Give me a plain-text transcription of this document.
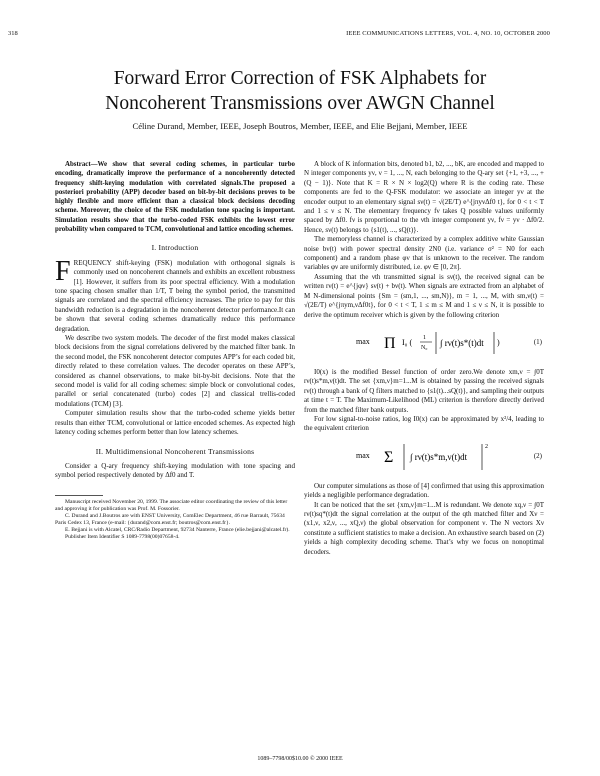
318	IEEE COMMUNICATIONS LETTERS, VOL. 4, NO. 10, OCTOBER 2000
Forward Error Correction of FSK Alphabets for
Noncoherent Transmissions over AWGN Channel
Céline Durand, Member, IEEE, Joseph Boutros, Member, IEEE, and Elie Bejjani, Member, IEEE

Abstract—We show that several coding schemes, in particular turbo encoding, dramatically improve the performance of a noncoherently detected frequency shift-keying modulation with correlated signals.The proposed a posteriori probability (APP) decoder based on bit-by-bit decisions proves to be highly flexible and more efficient than a classical block decisions decoding scheme. Moreover, the choice of the FSK modulation tone spacing is important. Simulation results show that the turbo-coded FSK exhibits the lowest error probability when compared to TCM, convolutional and lattice encoding schemes.

I. Introduction

FREQUENCY shift-keying (FSK) modulation with orthogonal signals is commonly used on noncoherent channels and exhibits an excellent robustness [1]. However, it suffers from its poor spectral efficiency. With a modulation tone spacing chosen smaller than 1/T, T being the symbol period, the transmitted signals are correlated and the spectral efficiency increases. The price to pay for this bandwidth reduction is a degradation in the noncoherent detector performance.It can be shown that several coding schemes dramatically reduce this performance degradation.

We describe two system models. The decoder of the first model makes classical block decisions from the signal correlations delivered by the matched filter bank. In the second model, the FSK noncoherent detector computes APP’s for each coded bit, directly related to these correlation values. The decoder operates on these APP’s, considered as channel observations, to make bit-by-bit decisions. Note that the second model is valid for all coding schemes: simple block or convolutional codes, parallel or serial concatenated (turbo) codes [2] and classical trellis-coded modulations (TCM) [3].

Computer simulation results show that the turbo-coded scheme yields better results than either TCM, convolutional or lattice encoded schemes. As expected high latency coding schemes perform better than low latency schemes.

II. Multidimensional Noncoherent Transmissions

Consider a Q-ary frequency shift-keying modulation with tone spacing and symbol period respectively denoted by Δf0 and T.

Manuscript received November 20, 1999. The associate editor coordinating the review of this letter and approving it for publication was Prof. M. Fossorier.

C. Durand and J.Boutros are with ENST University, ComElec Department, 46 rue Barrault, 75634 Paris Cedex 13, France (e-mail: {durand@com.enst.fr; boutros@com.enst.fr}.

E. Bejjani is with Alcatel, CRC/Radio Department, 92734 Nanterre, France (elie.bejjani@alcatel.fr).

Publisher Item Identifier S 1089-7798(00)07658-4.

A block of K information bits, denoted b1, b2, ..., bK, are encoded and mapped to N integer components yν, ν = 1, ..., N, each belonging to the Q-ary set {+1, +3, ..., +(Q − 1)}. Note that K = R × N × log2(Q) where R is the coding rate. These components are fed to the Q-FSK modulator: we associate an integer yν at the encoder output to an elementary signal sν(t) = √(2E/T) e^{jπyνΔf0 t}, for 0 < t < T and 1 ≤ ν ≤ N. The elementary frequency fν takes Q possible values uniformly spaced by Δf0. fν is proportional to the νth integer component yν, fν = yν · Δf0/2. Hence, sν(t) belongs to {s1(t), ..., sQ(t)}.

The memoryless channel is characterized by a complex additive white Gaussian noise bν(t) with power spectral density 2N0 (i.e. variance σ² = N0 for each component) and a random phase φν that is unknown to the receiver. The random variables φν are uniformly distributed, i.e. φν ∈ [0, 2π].

Assuming that the νth transmitted signal is sν(t), the received signal can be written rν(t) = e^{jφν} sν(t) + bν(t). When signals are extracted from an alphabet of M N-dimensional points {Sm = (sm,1, ..., sm,N)}, m = 1, ..., M, with sm,ν(t) = √(2E/T) e^{jπym,νΔf0t}, for 0 < t < T, 1 ≤ m ≤ M and 1 ≤ ν ≤ N, it is possible to derive the optimum receiver which is given by the following criterion

max Π I₀ ( 1
N₀ ∫ rν(t)s*(t)dt )	(1)

I0(x) is the modified Bessel function of order zero.We denote xm,ν = ∫0T rν(t)s*m,ν(t)dt. The set {xm,ν}m=1...M is obtained by passing the received signals rν(t) through a bank of Q filters matched to {s1(t)...sQ(t)}, and sampling their outputs at time t = T. The Maximum-Likelihood (ML) criterion is therefore directly derived from the matched filter bank outputs.

For low signal-to-noise ratios, log I0(x) can be approximated by x²/4, leading to the equivalent criterion

max Σ ∫ rν(t)s*m,ν(t)dt
2
(2)

Our computer simulations as those of [4] confirmed that using this approximation yields a negligible performance degradation.

It can be noticed that the set {xm,ν}m=1...M is redundant. We denote xq,ν = ∫0T rν(t)sq*(t)dt the signal correlation at the output of the qth matched filter and Xν = (x1,ν, x2,ν, ..., xQ,ν) the global observation for component ν. The N vectors Xν constitute a sufficient statistics to make a decision. An exhaustive search based on (2) yields a high complexity decoding scheme. That’s why we focus on nonoptimal decoders.

1089–7798/00$10.00 © 2000 IEEE
